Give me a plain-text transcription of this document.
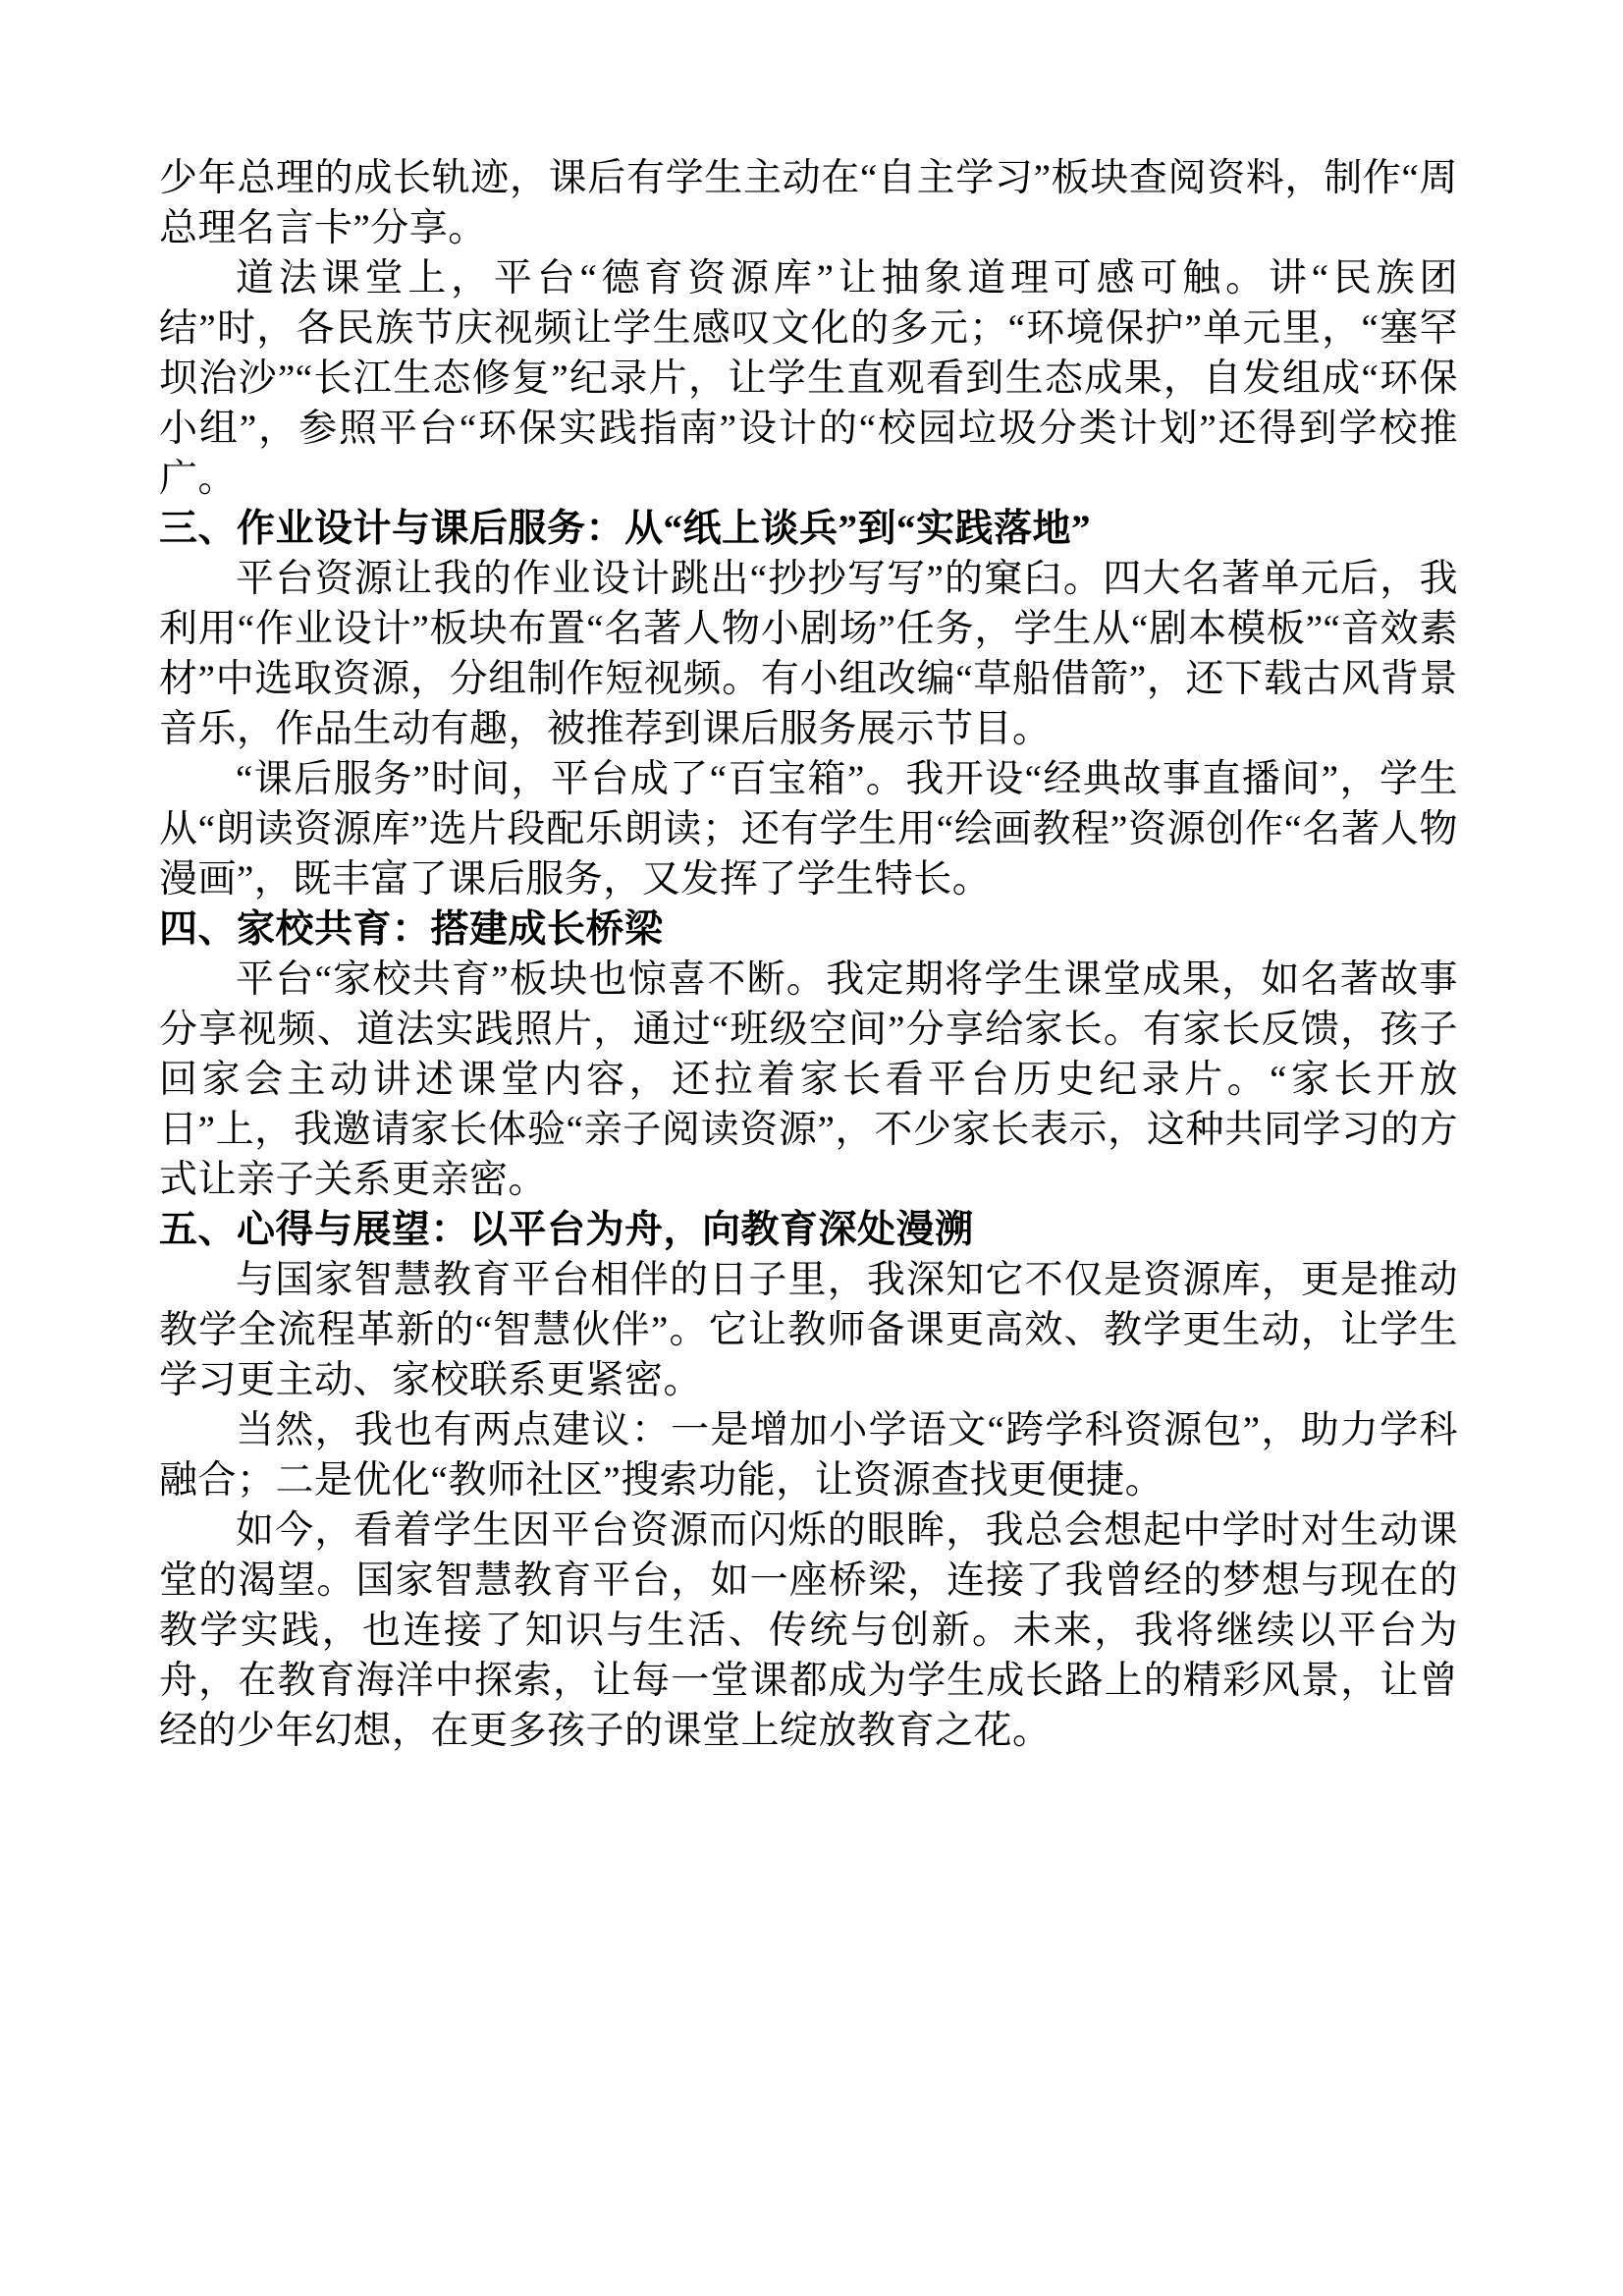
少年总理的成长轨迹，课后有学生主动在“自主学习”板块查阅资料，制作“周总理名言卡”分享。

道法课堂上，平台“德育资源库”让抽象道理可感可触。讲“民族团结”时，各民族节庆视频让学生感叹文化的多元；“环境保护”单元里，“塞罕坝治沙”“长江生态修复”纪录片，让学生直观看到生态成果，自发组成“环保小组”，参照平台“环保实践指南”设计的“校园垃圾分类计划”还得到学校推广。

三、作业设计与课后服务：从“纸上谈兵”到“实践落地”

平台资源让我的作业设计跳出“抄抄写写”的窠臼。四大名著单元后，我利用“作业设计”板块布置“名著人物小剧场”任务，学生从“剧本模板”“音效素材”中选取资源，分组制作短视频。有小组改编“草船借箭”，还下载古风背景音乐，作品生动有趣，被推荐到课后服务展示节目。

“课后服务”时间，平台成了“百宝箱”。我开设“经典故事直播间”，学生从“朗读资源库”选片段配乐朗读；还有学生用“绘画教程”资源创作“名著人物漫画”，既丰富了课后服务，又发挥了学生特长。

四、家校共育：搭建成长桥梁

平台“家校共育”板块也惊喜不断。我定期将学生课堂成果，如名著故事分享视频、道法实践照片，通过“班级空间”分享给家长。有家长反馈，孩子回家会主动讲述课堂内容，还拉着家长看平台历史纪录片。“家长开放日”上，我邀请家长体验“亲子阅读资源”，不少家长表示，这种共同学习的方式让亲子关系更亲密。

五、心得与展望：以平台为舟，向教育深处漫溯

与国家智慧教育平台相伴的日子里，我深知它不仅是资源库，更是推动教学全流程革新的“智慧伙伴”。它让教师备课更高效、教学更生动，让学生学习更主动、家校联系更紧密。

当然，我也有两点建议：一是增加小学语文“跨学科资源包”，助力学科融合；二是优化“教师社区”搜索功能，让资源查找更便捷。

如今，看着学生因平台资源而闪烁的眼眸，我总会想起中学时对生动课堂的渴望。国家智慧教育平台，如一座桥梁，连接了我曾经的梦想与现在的教学实践，也连接了知识与生活、传统与创新。未来，我将继续以平台为舟，在教育海洋中探索，让每一堂课都成为学生成长路上的精彩风景，让曾经的少年幻想，在更多孩子的课堂上绽放教育之花。
